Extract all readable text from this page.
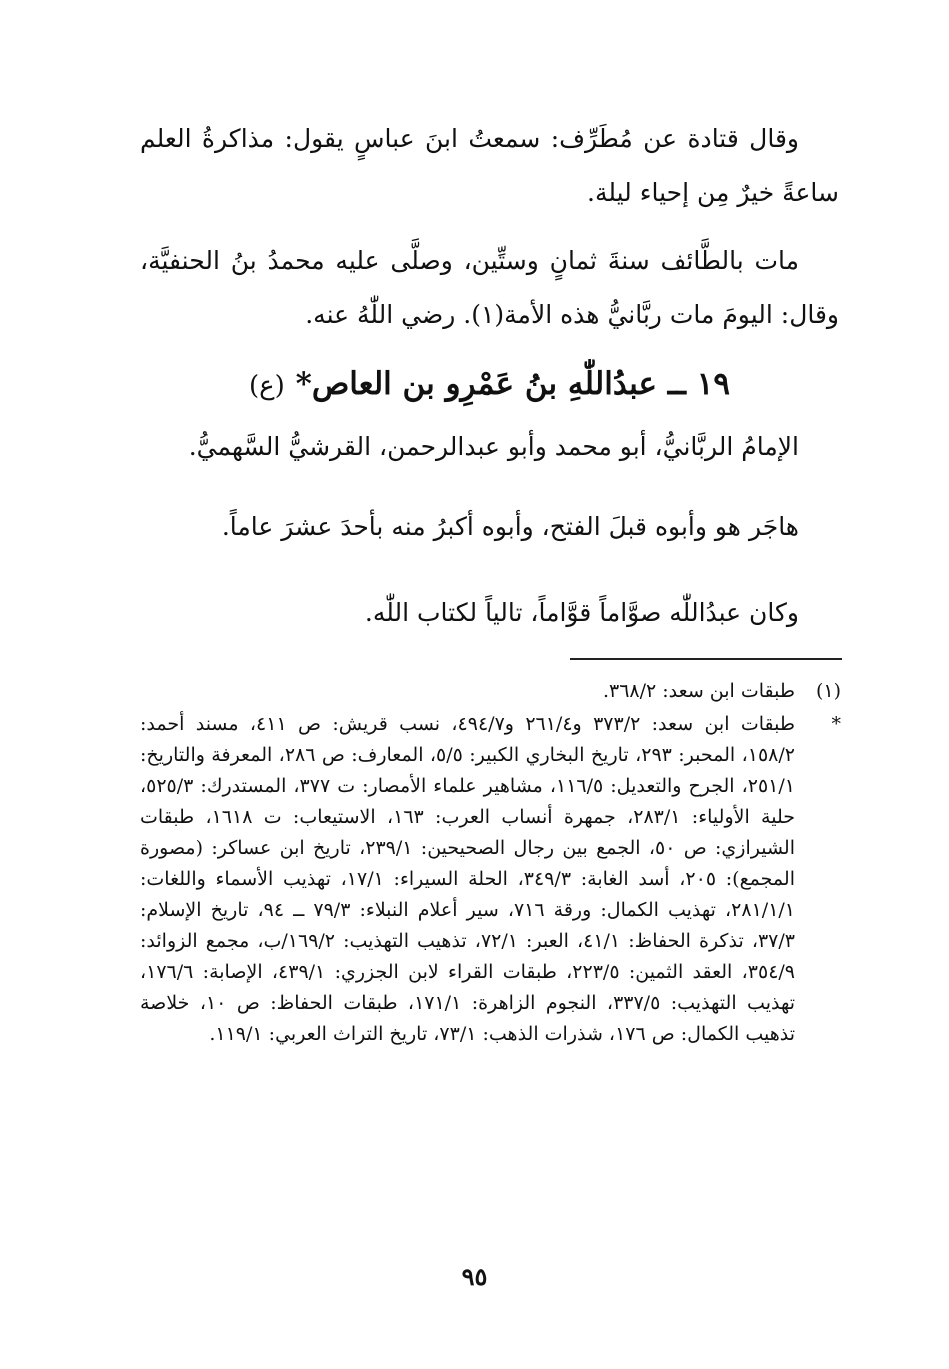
وقال قتادة عن مُطَرِّف: سمعتُ ابنَ عباسٍ يقول: مذاكرةُ العلم ساعةً خيرٌ مِن إحياء ليلة.

مات بالطَّائف سنةَ ثمانٍ وستِّين، وصلَّى عليه محمدُ بنُ الحنفيَّة، وقال: اليومَ مات ربَّانيُّ هذه الأمة(١). رضي اللّٰهُ عنه.

١٩ ــ عبدُاللّٰهِ بنُ عَمْرِو بن العاص* (ع)

الإمامُ الربَّانيُّ، أبو محمد وأبو عبدالرحمن، القرشيُّ السَّهميُّ.

هاجَر هو وأبوه قبلَ الفتح، وأبوه أكبرُ منه بأحدَ عشرَ عاماً.

وكان عبدُاللّٰه صوَّاماً قوَّاماً، تالياً لكتاب اللّٰه.

(١)
طبقات ابن سعد: ٣٦٨/٢.

*
طبقات ابن سعد: ٣٧٣/٢ و٢٦١/٤ و٤٩٤/٧، نسب قريش: ص ٤١١، مسند أحمد: ١٥٨/٢، المحبر: ٢٩٣، تاريخ البخاري الكبير: ٥/٥، المعارف: ص ٢٨٦، المعرفة والتاريخ: ٢٥١/١، الجرح والتعديل: ١١٦/٥، مشاهير علماء الأمصار: ت ٣٧٧، المستدرك: ٥٢٥/٣، حلية الأولياء: ٢٨٣/١، جمهرة أنساب العرب: ١٦٣، الاستيعاب: ت ١٦١٨، طبقات الشيرازي: ص ٥٠، الجمع بين رجال الصحيحين: ٢٣٩/١، تاريخ ابن عساكر: (مصورة المجمع): ٢٠٥، أسد الغابة: ٣٤٩/٣، الحلة السيراء: ١٧/١، تهذيب الأسماء واللغات: ٢٨١/١/١، تهذيب الكمال: ورقة ٧١٦، سير أعلام النبلاء: ٧٩/٣ ــ ٩٤، تاريخ الإسلام: ٣٧/٣، تذكرة الحفاظ: ٤١/١، العبر: ٧٢/١، تذهيب التهذيب: ١٦٩/٢/ب، مجمع الزوائد: ٣٥٤/٩، العقد الثمين: ٢٢٣/٥، طبقات القراء لابن الجزري: ٤٣٩/١، الإصابة: ١٧٦/٦، تهذيب التهذيب: ٣٣٧/٥، النجوم الزاهرة: ١٧١/١، طبقات الحفاظ: ص ١٠، خلاصة تذهيب الكمال: ص ١٧٦، شذرات الذهب: ٧٣/١، تاريخ التراث العربي: ١١٩/١.

٩٥
